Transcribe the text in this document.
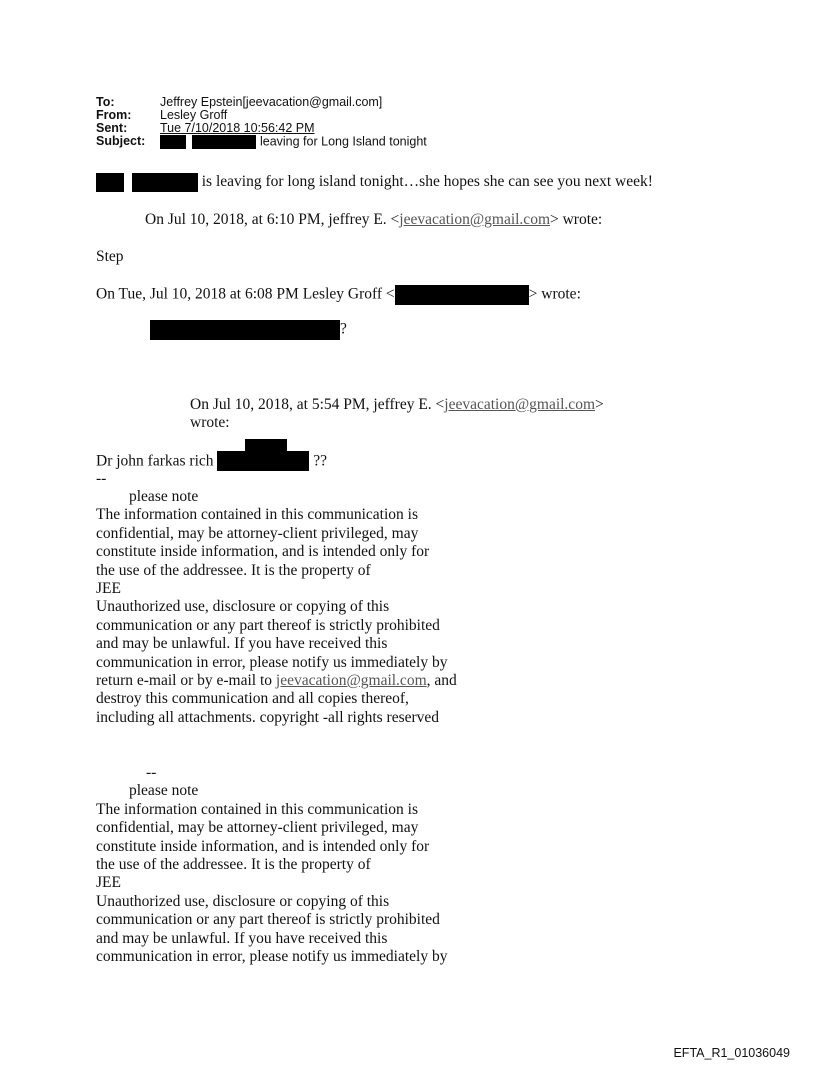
To:	Jeffrey Epstein[jeevacation@gmail.com]
From: Lesley Groff
Sent:	Tue 7/10/2018 10:56:42 PM
Subject:	leaving for Long Island tonight
is leaving for long island tonight…she hopes she can see you next week!
On Jul 10, 2018, at 6:10 PM, jeffrey E. <jeevacation@gmail.com> wrote:
Step
On Tue, Jul 10, 2018 at 6:08 PM Lesley Groff <	> wrote:
?
On Jul 10, 2018, at 5:54 PM, jeffrey E. <jeevacation@gmail.com>
wrote:
Dr john farkas rich	??
--

please note

The information contained in this communication is

confidential, may be attorney-client privileged, may

constitute inside information, and is intended only for

the use of the addressee. It is the property of

JEE

Unauthorized use, disclosure or copying of this

communication or any part thereof is strictly prohibited

and may be unlawful. If you have received this

communication in error, please notify us immediately by

return e-mail or by e-mail to jeevacation@gmail.com, and

destroy this communication and all copies thereof,

including all attachments. copyright -all rights reserved

--

please note

The information contained in this communication is

confidential, may be attorney-client privileged, may

constitute inside information, and is intended only for

the use of the addressee. It is the property of

JEE

Unauthorized use, disclosure or copying of this

communication or any part thereof is strictly prohibited

and may be unlawful. If you have received this

communication in error, please notify us immediately by

EFTA_R1_01036049
